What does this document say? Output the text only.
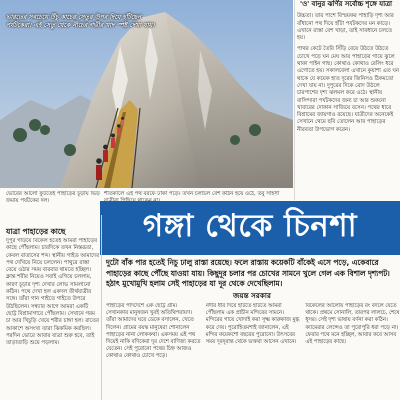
ভারতের সবচেয়ে উঁচু কাচের সেতুর উপর দিয়ে হাঁটছেন পর্যটকেরা। এই সেতু থেকে নীচের গভীর খাদ স্পষ্ট দেখা যায়।

'ও' বানুর ঝর্ণির সর্বোচ্চ শৃঙ্গে যাত্রা

উচ্চতা। তার পাশে বিস্ময়কর পাহাড়ি দৃশ্য আর বাঁধানো পথ দিয়ে হাঁটা পর্যটকদের মন কাড়ে। এখানে রাস্তা বেশ খাড়া, তাই সাবধানে চলতে হয়।

পাথর কেটে তৈরি সিঁড়ি বেয়ে উঠতে উঠতে চোখে পড়ে ঘন মেঘ আর পাহাড়ের গায়ে ঝুলে থাকা পাইন গাছ। কোথাও কোথাও রেলিং ধরে এগোতে হয়। সকালবেলা এখানে কুয়াশা এত ঘন থাকে যে কয়েক হাত দূরের জিনিসও ঠিকমতো দেখা যায় না। দুপুরের দিকে রোদ উঠলে চারপাশের দৃশ্য ঝলমল করে ওঠে। স্থানীয় বাসিন্দারা পর্যটকদের জন্য চা আর শুকনো খাবারের দোকান সাজিয়ে বসেন। পথের ধারে বিশ্রামের জায়গাও রয়েছে। যাত্রীদের অনেকেই সেখানে থেমে ছবি তোলেন আর পাহাড়ের নীরবতা উপভোগ করেন।

ভোরের আলো ফুটতেই পাহাড়ের চূড়ায় ভিড় জমায় পর্যটকের দল।
শীতকালে এই পথ বরফে ঢাকা পড়ে। তখন চলাচল বেশ কঠিন হয়ে ওঠে, তবু সাহসী
গঙ্গা থেকে চিনশা
যাত্রা পাহাড়ের কাছে
দুপুর গড়িয়ে বিকেল হতেই আমরা পাহাড়ের কাছে পৌঁছলাম। চারদিকে তখন নিস্তব্ধতা, কেবল বাতাসের শব্দ। স্থানীয় গাইড আমাদের পথ দেখিয়ে নিয়ে চললেন। পাথুরে রাস্তা বেয়ে ওঠার সময় বারবার থামতে হচ্ছিল। ক্লান্ত শরীর নিয়েও সবাই এগিয়ে চললাম, কারণ চূড়ার দৃশ্য দেখার লোভ সামলানো কঠিন। পথে দেখা হল একদল তীর্থযাত্রীর সঙ্গে। তাঁরা গান গাইতে গাইতে উপরে উঠছিলেন। সন্ধ্যার আগে আমরা একটি ছোট্ট বিশ্রামাগারে পৌঁছলাম। সেখানে গরম চা আর খিচুড়ি খেয়ে শরীর চাঙ্গা হল। রাতের আকাশে অসংখ্য তারা ঝিকমিক করছিল। পরদিন ভোরে আবার যাত্রা শুরু হবে, তাই তাড়াতাড়ি শুয়ে পড়লাম।
দুটো বাঁক পার হতেই নিচু ঢালু রাস্তা রয়েছে। ফলে রাস্তায় কয়েকটি বাঁকেই এসে পড়ে, একেবারে পাহাড়ের কাছে পৌঁছে যাওয়া যায়। কিছুদূর চলার পর চোখের সামনে খুলে গেল এক বিশাল দৃশ্যপট। হঠাৎ মুখোমুখি হলাম সেই পাহাড়ের যা দূর থেকে দেখেছিলাম।
জয়ন্ত সরকার
পাহাড়ের পাদদেশে এক ছোট্ট গ্রাম। সেখানকার মানুষজন খুবই অতিথিপরায়ণ। তাঁরা আমাদের ঘরে ডেকে বসালেন, খেতে দিলেন। গ্রামের বয়স্ক মানুষেরা শোনালেন পাহাড়ের নানা লোককথা। একসময় এই পথ দিয়েই নাকি বণিকেরা দূর দেশে বাণিজ্য করতে যেতেন। সেই পুরোনো পথের চিহ্ন আজও কোথাও কোথাও চোখে পড়ে।
নদীর ধার দিয়ে হাঁটতে হাঁটতে আমরা পৌঁছলাম এক প্রাচীন মন্দিরের সামনে। মন্দিরের গায়ে খোদাই করা সূক্ষ্ম কারুকাজ মুগ্ধ করে দেয়। পুরোহিতমশাই জানালেন, এই মন্দির কয়েকশো বছরের পুরোনো। উৎসবের সময় দূরদূরান্ত থেকে ভক্তরা আসেন এখানে।
বিকেলের আলোয় পাহাড়ের রং বদলে যেতে থাকে। প্রথমে সোনালি, তারপর লালচে, শেষে ধূসর। সেই দৃশ্য ভাষায় বর্ণনা করা কঠিন। ক্যামেরার লেন্সেও তা পুরোপুরি ধরা পড়ে না। ফেরার পথে মনে হচ্ছিল, আবার কবে আসব এই পাহাড়ের কাছে।
